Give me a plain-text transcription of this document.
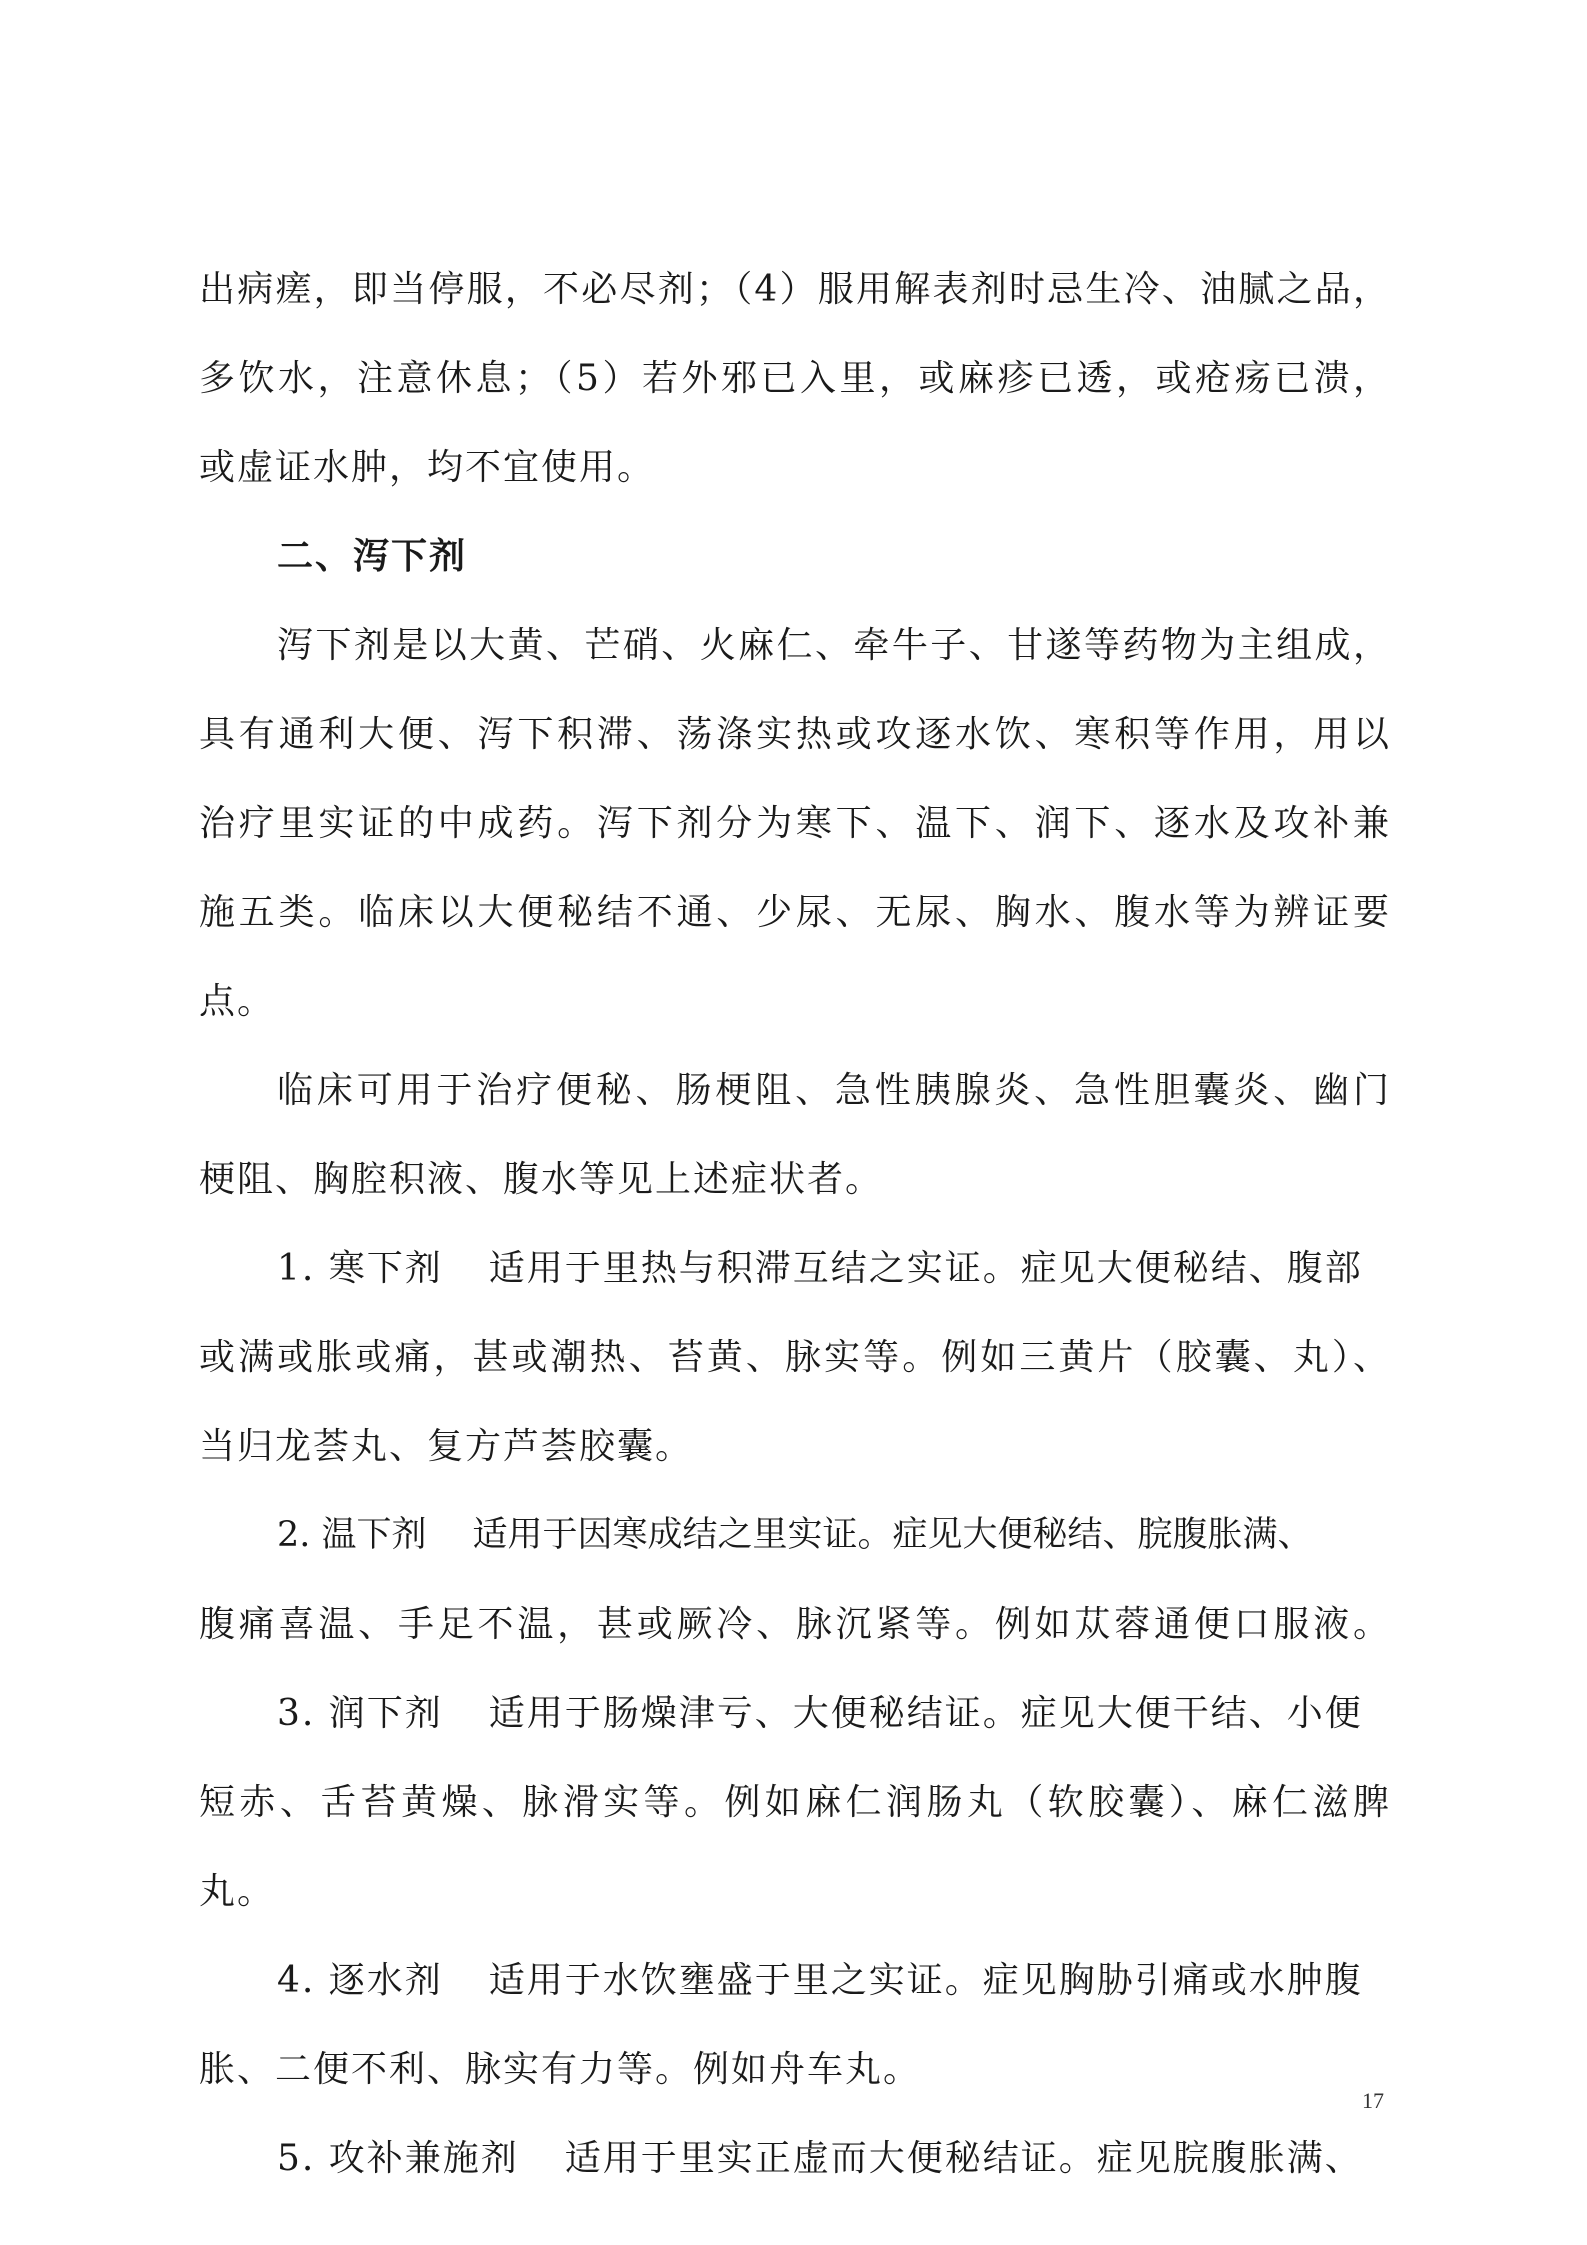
出病瘥，即当停服，不必尽剂；（4）服用解表剂时忌生冷、油腻之品，
多饮水，注意休息；（5）若外邪已入里，或麻疹已透，或疮疡已溃，
或虚证水肿，均不宜使用。
二、泻下剂
泻下剂是以大黄、芒硝、火麻仁、牵牛子、甘遂等药物为主组成，
具有通利大便、泻下积滞、荡涤实热或攻逐水饮、寒积等作用，用以
治疗里实证的中成药。泻下剂分为寒下、温下、润下、逐水及攻补兼
施五类。临床以大便秘结不通、少尿、无尿、胸水、腹水等为辨证要
点。
临床可用于治疗便秘、肠梗阻、急性胰腺炎、急性胆囊炎、幽门
梗阻、胸腔积液、腹水等见上述症状者。
1. 寒下剂 适用于里热与积滞互结之实证。症见大便秘结、腹部
或满或胀或痛，甚或潮热、苔黄、脉实等。例如三黄片（胶囊、丸）、
当归龙荟丸、复方芦荟胶囊。
2. 温下剂 适用于因寒成结之里实证。症见大便秘结、脘腹胀满、
腹痛喜温、手足不温，甚或厥冷、脉沉紧等。例如苁蓉通便口服液。
3. 润下剂 适用于肠燥津亏、大便秘结证。症见大便干结、小便
短赤、舌苔黄燥、脉滑实等。例如麻仁润肠丸（软胶囊）、麻仁滋脾
丸。
4. 逐水剂 适用于水饮壅盛于里之实证。症见胸胁引痛或水肿腹
胀、二便不利、脉实有力等。例如舟车丸。
5. 攻补兼施剂 适用于里实正虚而大便秘结证。症见脘腹胀满、
17
